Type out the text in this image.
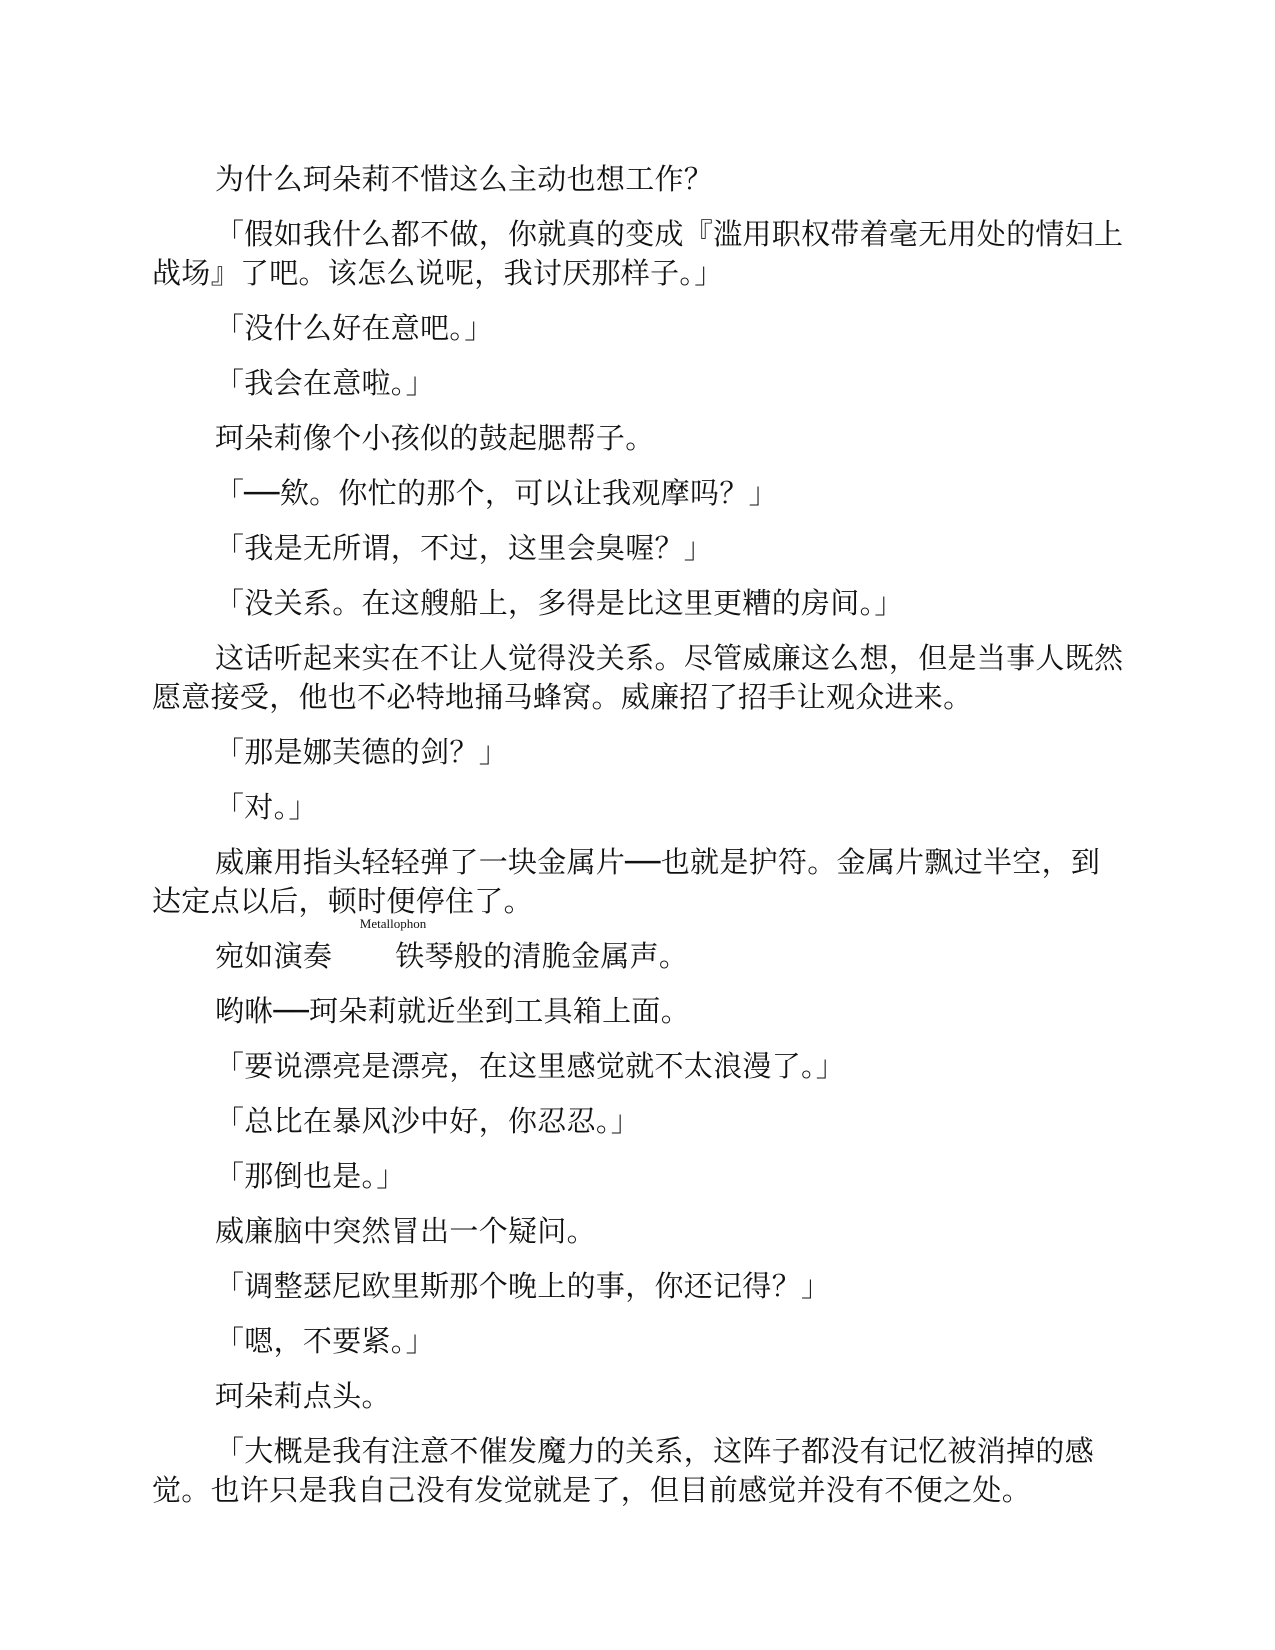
为什么珂朵莉不惜这么主动也想工作？

「假如我什么都不做，你就真的变成『滥用职权带着毫无用处的情妇上战场』了吧。该怎么说呢，我讨厌那样子。」

「没什么好在意吧。」

「我会在意啦。」

珂朵莉像个小孩似的鼓起腮帮子。

「──欸。你忙的那个，可以让我观摩吗？」

「我是无所谓，不过，这里会臭喔？」

「没关系。在这艘船上，多得是比这里更糟的房间。」

这话听起来实在不让人觉得没关系。尽管威廉这么想，但是当事人既然愿意接受，他也不必特地捅马蜂窝。威廉招了招手让观众进来。

「那是娜芙德的剑？」

「对。」

威廉用指头轻轻弹了一块金属片──也就是护符。金属片飘过半空，到达定点以后，顿时便停住了。

宛如演奏
Metallophon
铁琴般的清脆金属声。

哟咻──珂朵莉就近坐到工具箱上面。

「要说漂亮是漂亮，在这里感觉就不太浪漫了。」

「总比在暴风沙中好，你忍忍。」

「那倒也是。」

威廉脑中突然冒出一个疑问。

「调整瑟尼欧里斯那个晚上的事，你还记得？」

「嗯，不要紧。」

珂朵莉点头。

「大概是我有注意不催发魔力的关系，这阵子都没有记忆被消掉的感觉。也许只是我自己没有发觉就是了，但目前感觉并没有不便之处。
